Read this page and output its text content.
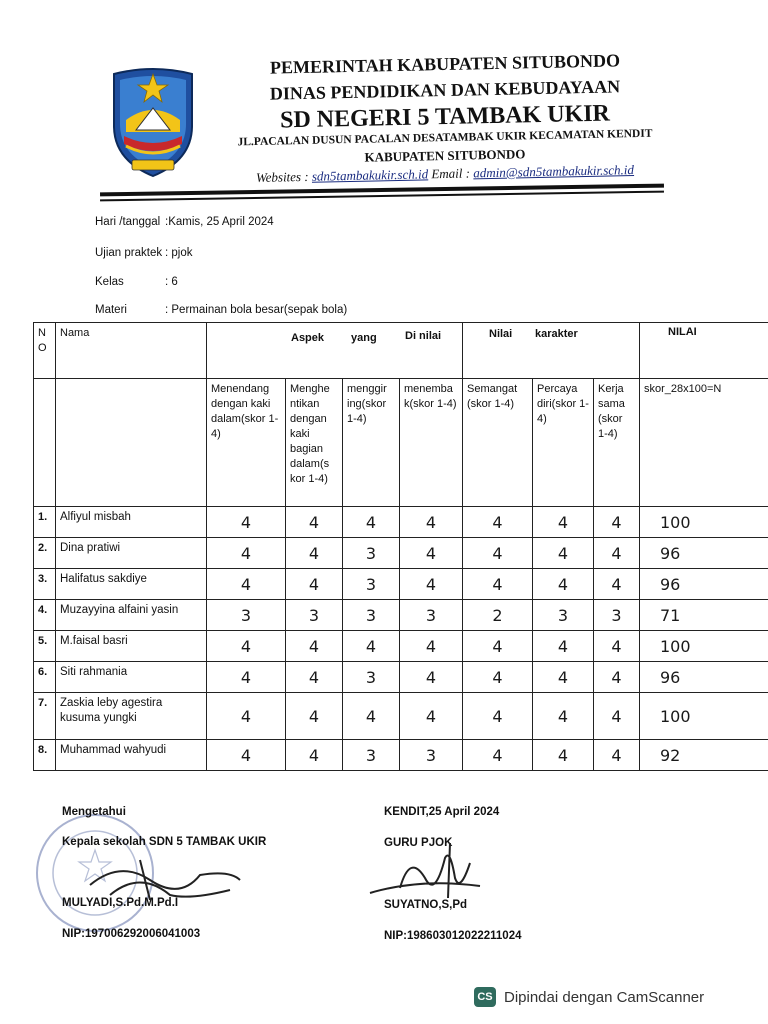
PEMERINTAH KABUPATEN SITUBONDO
DINAS PENDIDIKAN DAN KEBUDAYAAN
SD NEGERI 5 TAMBAK UKIR
JL.PACALAN DUSUN PACALAN DESATAMBAK UKIR KECAMATAN KENDIT
KABUPATEN SITUBONDO
Websites : sdn5tambakukir.sch.id Email : admin@sdn5tambakukir.sch.id
Hari /tanggal :Kamis, 25 April 2024
Ujian praktek : pjok
Kelas	: 6
Materi	: Permainan bola besar(sepak bola)
N O	Nama	Aspek yang Di nilai				Nilai karakter			NILAI

		Menendang dengan kaki dalam(skor 1-4)	Menghe ntikan dengan kaki bagian dalam(s kor 1-4)	menggir ing(skor 1-4)	menemba k(skor 1-4)	Semangat (skor 1-4)	Percaya diri(skor 1-4)	Kerja sama (skor 1-4)	skor_28x100=N
1.	Alfiyul misbah	4	4	4	4	4	4	4	100
2.	Dina pratiwi	4	4	3	4	4	4	4	96
3.	Halifatus sakdiye	4	4	3	4	4	4	4	96
4.	Muzayyina alfaini yasin	3	3	3	3	2	3	3	71
5.	M.faisal basri	4	4	4	4	4	4	4	100
6.	Siti rahmania	4	4	3	4	4	4	4	96
7.	Zaskia leby agestira kusuma yungki	4	4	4	4	4	4	4	100
8.	Muhammad wahyudi	4	4	3	3	4	4	4	92
Mengetahui
Kepala sekolah SDN 5 TAMBAK UKIR
MULYADI,S.Pd.M.Pd.I
NIP:197006292006041003
KENDIT,25 April 2024
GURU PJOK
SUYATNO,S,Pd
NIP:198603012022211024
CS Dipindai dengan CamScanner
